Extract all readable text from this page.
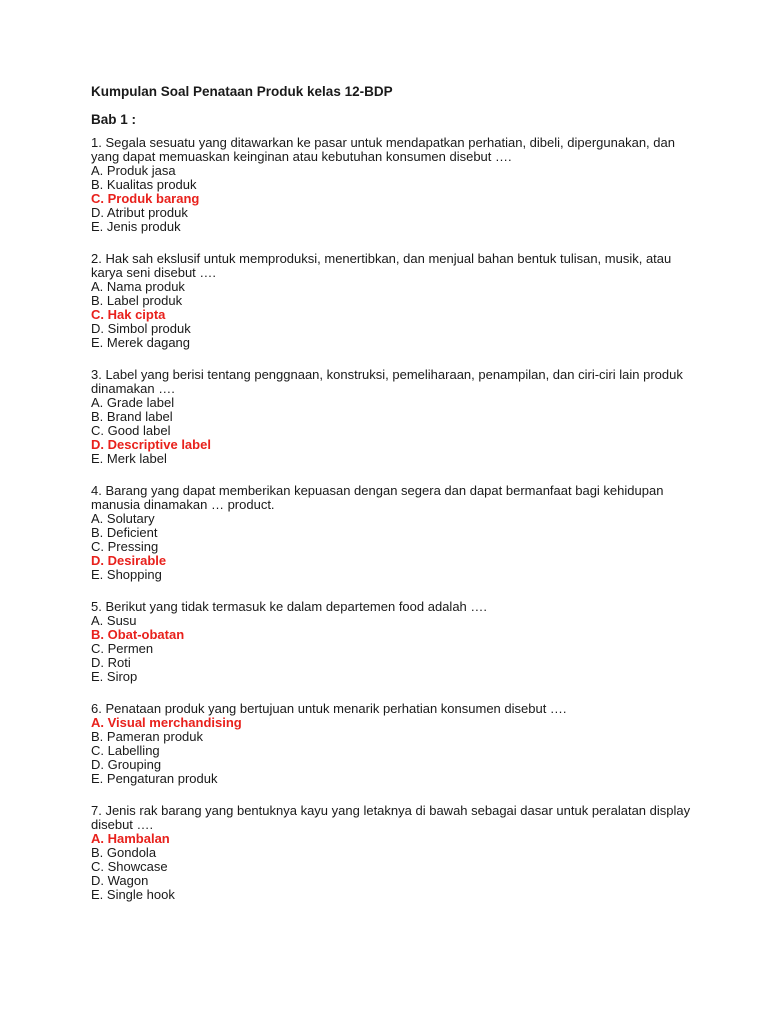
Kumpulan Soal Penataan Produk kelas 12-BDP
Bab 1 :

1. Segala sesuatu yang ditawarkan ke pasar untuk mendapatkan perhatian, dibeli, dipergunakan, dan yang dapat memuaskan keinginan atau kebutuhan konsumen disebut ….

A. Produk jasa
B. Kualitas produk
C. Produk barang
D. Atribut produk
E. Jenis produk

2. Hak sah ekslusif untuk memproduksi, menertibkan, dan menjual bahan bentuk tulisan, musik, atau karya seni disebut ….

A. Nama produk
B. Label produk
C. Hak cipta
D. Simbol produk
E. Merek dagang

3. Label yang berisi tentang penggnaan, konstruksi, pemeliharaan, penampilan, dan ciri-ciri lain produk dinamakan ….

A. Grade label
B. Brand label
C. Good label
D. Descriptive label
E. Merk label

4. Barang yang dapat memberikan kepuasan dengan segera dan dapat bermanfaat bagi kehidupan manusia dinamakan … product.

A. Solutary
B. Deficient
C. Pressing
D. Desirable
E. Shopping

5. Berikut yang tidak termasuk ke dalam departemen food adalah ….

A. Susu
B. Obat-obatan
C. Permen
D. Roti
E. Sirop

6. Penataan produk yang bertujuan untuk menarik perhatian konsumen disebut ….

A. Visual merchandising
B. Pameran produk
C. Labelling
D. Grouping
E. Pengaturan produk

7. Jenis rak barang yang bentuknya kayu yang letaknya di bawah sebagai dasar untuk peralatan display disebut ….

A. Hambalan
B. Gondola
C. Showcase
D. Wagon
E. Single hook
